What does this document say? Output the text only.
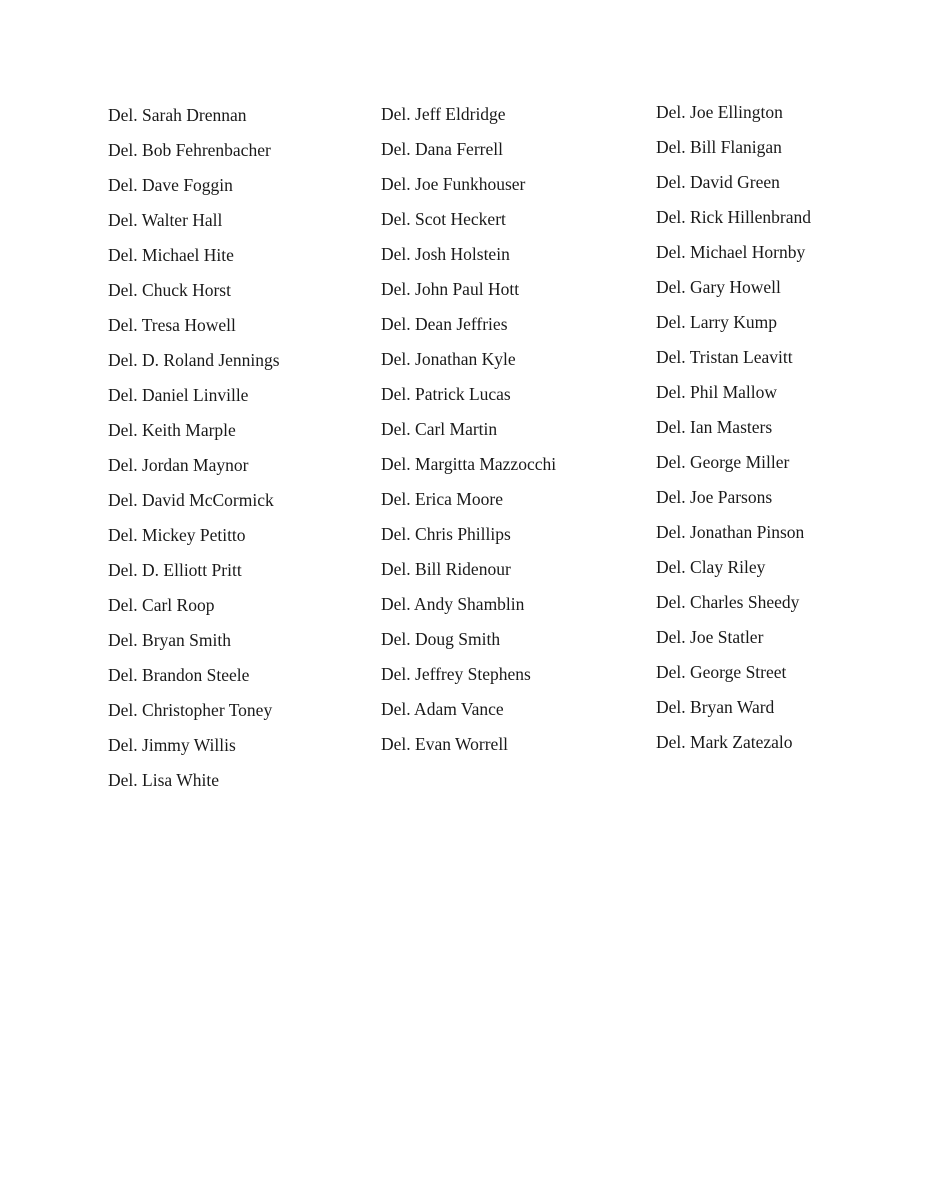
Del. Sarah Drennan
Del. Bob Fehrenbacher
Del. Dave Foggin
Del. Walter Hall
Del. Michael Hite
Del. Chuck Horst
Del. Tresa Howell
Del. D. Roland Jennings
Del. Daniel Linville
Del. Keith Marple
Del. Jordan Maynor
Del. David McCormick
Del. Mickey Petitto
Del. D. Elliott Pritt
Del. Carl Roop
Del. Bryan Smith
Del. Brandon Steele
Del. Christopher Toney
Del. Jimmy Willis
Del. Lisa White
Del. Jeff Eldridge
Del. Dana Ferrell
Del. Joe Funkhouser
Del. Scot Heckert
Del. Josh Holstein
Del. John Paul Hott
Del. Dean Jeffries
Del. Jonathan Kyle
Del. Patrick Lucas
Del. Carl Martin
Del. Margitta Mazzocchi
Del. Erica Moore
Del. Chris Phillips
Del. Bill Ridenour
Del. Andy Shamblin
Del. Doug Smith
Del. Jeffrey Stephens
Del. Adam Vance
Del. Evan Worrell
Del. Joe Ellington
Del. Bill Flanigan
Del. David Green
Del. Rick Hillenbrand
Del. Michael Hornby
Del. Gary Howell
Del. Larry Kump
Del. Tristan Leavitt
Del. Phil Mallow
Del. Ian Masters
Del. George Miller
Del. Joe Parsons
Del. Jonathan Pinson
Del. Clay Riley
Del. Charles Sheedy
Del. Joe Statler
Del. George Street
Del. Bryan Ward
Del. Mark Zatezalo
